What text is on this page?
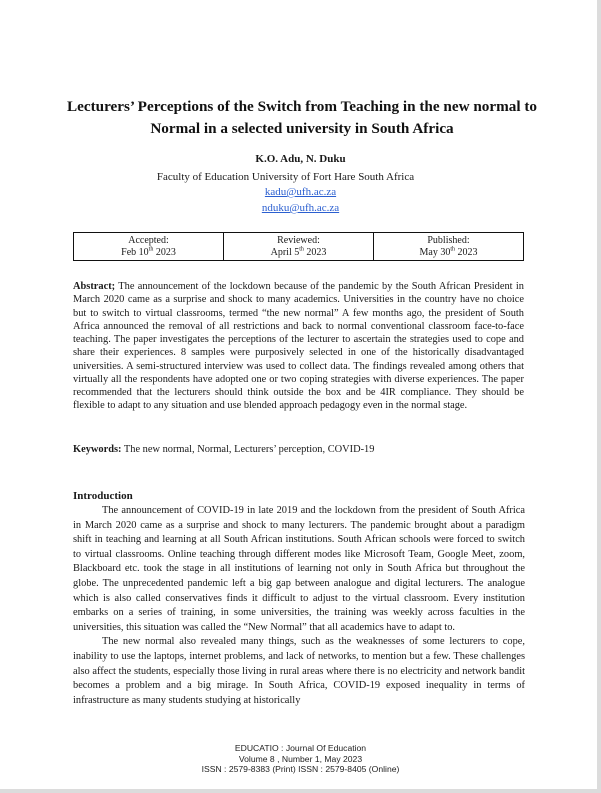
Lecturers’ Perceptions of the Switch from Teaching in the new normal to Normal in a selected university in South Africa
K.O. Adu, N. Duku
Faculty of Education University of Fort Hare South Africa
kadu@ufh.ac.za
nduku@ufh.ac.za
Accepted:
Feb 10th 2023
Reviewed:
April 5th 2023
Published:
May 30th 2023

Abstract; The announcement of the lockdown because of the pandemic by the South African President in March 2020 came as a surprise and shock to many academics. Universities in the country have no choice but to switch to virtual classrooms, termed “the new normal” A few months ago, the president of South Africa announced the removal of all restrictions and back to normal conventional classroom face-to-face teaching. The paper investigates the perceptions of the lecturer to ascertain the strategies used to cope and share their experiences. 8 samples were purposively selected in one of the historically disadvantaged universities. A semi-structured interview was used to collect data. The findings revealed among others that virtually all the respondents have adopted one or two coping strategies with diverse experiences. The paper recommended that the lecturers should think outside the box and be 4IR compliance. They should be flexible to adapt to any situation and use blended approach pedagogy even in the normal stage.

Keywords: The new normal, Normal, Lecturers’ perception, COVID-19

Introduction

The announcement of COVID-19 in late 2019 and the lockdown from the president of South Africa in March 2020 came as a surprise and shock to many lecturers. The pandemic brought about a paradigm shift in teaching and learning at all South African institutions. South African schools were forced to switch to virtual classrooms. Online teaching through different modes like Microsoft Team, Google Meet, zoom, Blackboard etc. took the stage in all institutions of learning not only in South Africa but throughout the globe. The unprecedented pandemic left a big gap between analogue and digital lecturers. The analogue which is also called conservatives finds it difficult to adjust to the virtual classroom. Every institution embarks on a series of training, in some universities, the training was weekly across faculties in the universities, this situation was called the “New Normal” that all academics have to adapt to.

The new normal also revealed many things, such as the weaknesses of some lecturers to cope, inability to use the laptops, internet problems, and lack of networks, to mention but a few. These challenges also affect the students, especially those living in rural areas where there is no electricity and network bandit becomes a problem and a big mirage. In South Africa, COVID-19 exposed inequality in terms of infrastructure as many students studying at historically

EDUCATIO : Journal Of Education
Volume 8 , Number 1, May 2023
ISSN : 2579-8383 (Print) ISSN : 2579-8405 (Online)
